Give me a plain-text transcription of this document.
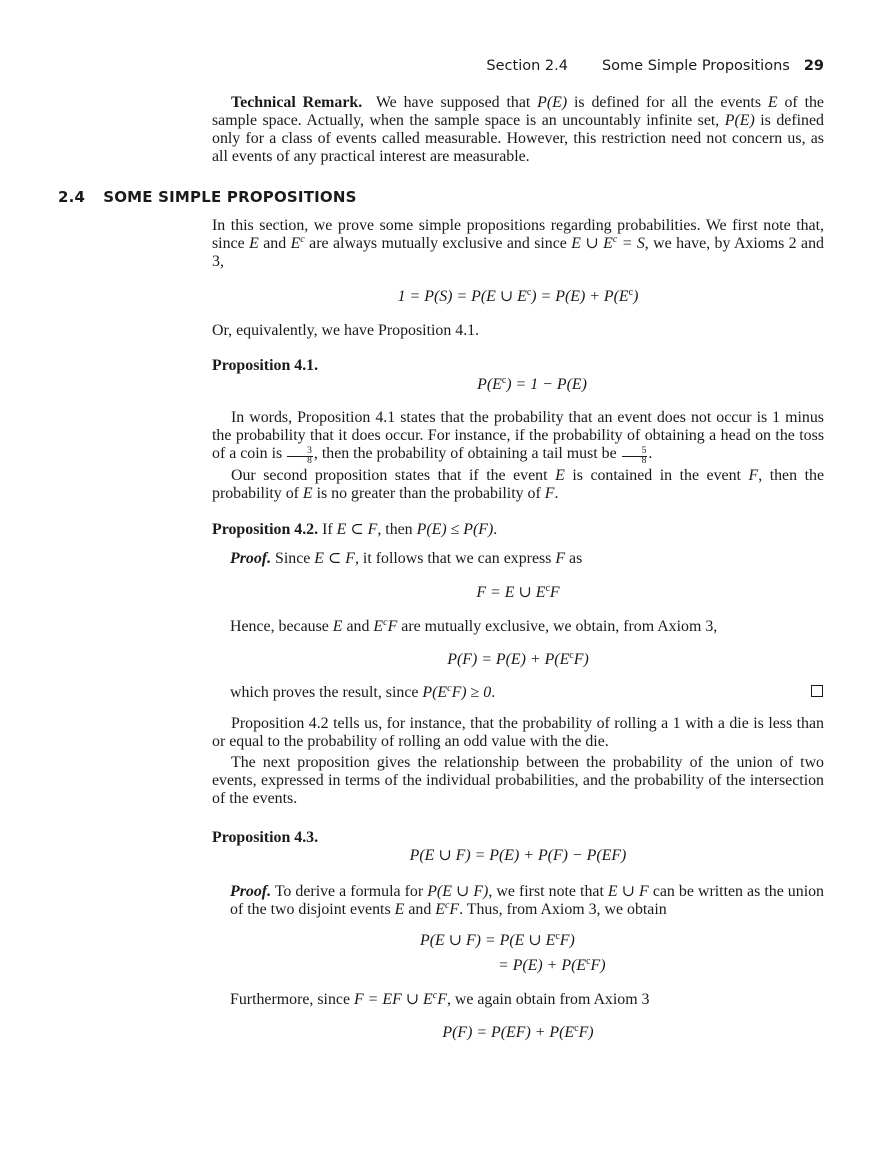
Section 2.4 Some Simple Propositions 29
Technical Remark. We have supposed that P(E) is defined for all the events E of the sample space. Actually, when the sample space is an uncountably infinite set, P(E) is defined only for a class of events called measurable. However, this restriction need not concern us, as all events of any practical interest are measurable.
2.4 SOME SIMPLE PROPOSITIONS
In this section, we prove some simple propositions regarding probabilities. We first note that, since E and $E^c$ are always mutually exclusive and since E ∪ $E^c = S$, we have, by Axioms 2 and 3,
1 = P(S) = P(E ∪ $E^c) = P(E) + P(E^c)$
Or, equivalently, we have Proposition 4.1.
Proposition 4.1.
$P(E^c) = 1 - P(E)$
In words, Proposition 4.1 states that the probability that an event does not occur is 1 minus the probability that it does occur. For instance, if the probability of obtaining a head on the toss of a coin is $\frac{3}{8}$ , then the probability of obtaining a tail must be $\frac{5}{8}$ .
Our second proposition states that if the event E is contained in the event F, then the probability of E is no greater than the probability of F.
Proposition 4.2. If E ⊂ F, then P(E) ≤ P(F).
Proof. Since E ⊂ F, it follows that we can express F as
F = E ∪ $E^cF$
Hence, because E and $E^cF$ are mutually exclusive, we obtain, from Axiom 3,
$P(F) = P(E) + P(E^cF)$
which proves the result, since $P(E^cF) \ge 0$.
Proposition 4.2 tells us, for instance, that the probability of rolling a 1 with a die is less than or equal to the probability of rolling an odd value with the die.
The next proposition gives the relationship between the probability of the union of two events, expressed in terms of the individual probabilities, and the probability of the intersection of the events.
Proposition 4.3.
P(E ∪ F) = P(E) + P(F) − P(EF)
Proof. To derive a formula for P(E ∪ F), we first note that E ∪ F can be written as the union of the two disjoint events E and $E^cF$. Thus, from Axiom 3, we obtain
P(E ∪ F) = P(E ∪ $E^cF$)
= $P(E) + P(E^cF)$
Furthermore, since F = EF ∪ $E^cF$, we again obtain from Axiom 3
$P(F) = P(EF) + P(E^cF)$
